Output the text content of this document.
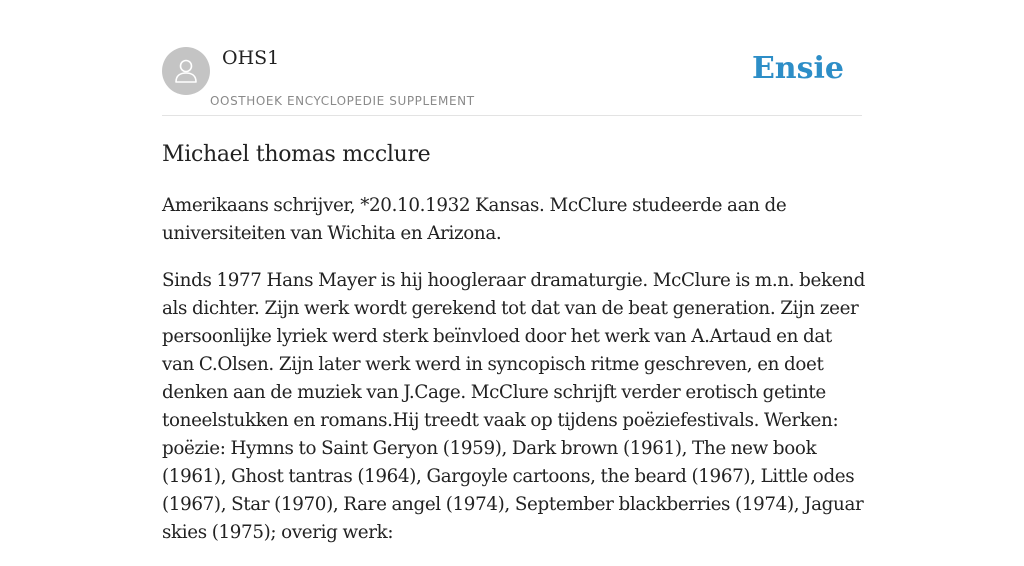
OHS1
OOSTHOEK ENCYCLOPEDIE SUPPLEMENT
Ensie
Michael thomas mcclure

Amerikaans schrijver, *20.10.1932 Kansas. McClure studeerde aan de universiteiten van Wichita en Arizona.

Sinds 1977 Hans Mayer is hij hoogleraar dramaturgie. McClure is m.n. bekend als dichter. Zijn werk wordt gerekend tot dat van de beat generation. Zijn zeer persoonlijke lyriek werd sterk beïnvloed door het werk van A.Artaud en dat van C.Olsen. Zijn later werk werd in syncopisch ritme geschreven, en doet denken aan de muziek van J.Cage. McClure schrijft verder erotisch getinte toneelstukken en romans.Hij treedt vaak op tijdens poëziefestivals. Werken: poëzie: Hymns to Saint Geryon (1959), Dark brown (1961), The new book (1961), Ghost tantras (1964), Gargoyle cartoons, the beard (1967), Little odes (1967), Star (1970), Rare angel (1974), September blackberries (1974), Jaguar skies (1975); overig werk:
